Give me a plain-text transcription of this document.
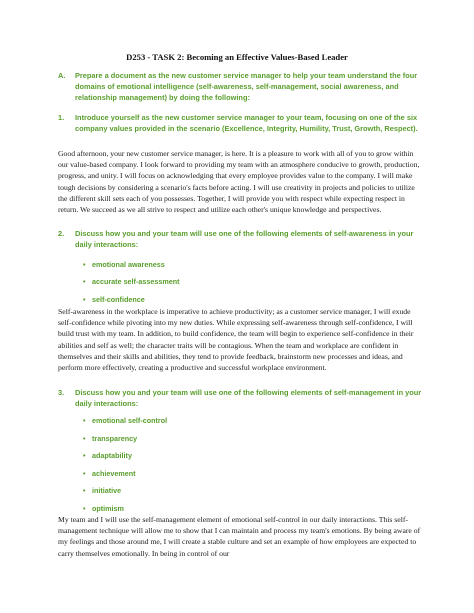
D253 - TASK 2: Becoming an Effective Values-Based Leader
A.	Prepare a document as the new customer service manager to help your team understand the four domains of emotional intelligence (self-awareness, self-management, social awareness, and relationship management) by doing the following:
1.	Introduce yourself as the new customer service manager to your team, focusing on one of the six company values provided in the scenario (Excellence, Integrity, Humility, Trust, Growth, Respect).
Good afternoon, your new customer service manager, is here. It is a pleasure to work with all of you to grow within our value-based company. I look forward to providing my team with an atmosphere conducive to growth, production, progress, and unity. I will focus on acknowledging that every employee provides value to the company. I will make tough decisions by considering a scenario's facts before acting. I will use creativity in projects and policies to utilize the different skill sets each of you possesses. Together, I will provide you with respect while expecting respect in return. We succeed as we all strive to respect and utilize each other's unique knowledge and perspectives.
2.	Discuss how you and your team will use one of the following elements of self-awareness in your daily interactions:
• emotional awareness
• accurate self-assessment
• self-confidence
Self-awareness in the workplace is imperative to achieve productivity; as a customer service manager, I will exude self-confidence while pivoting into my new duties. While expressing self-awareness through self-confidence, I will build trust with my team. In addition, to build confidence, the team will begin to experience self-confidence in their abilities and self as well; the character traits will be contagious. When the team and workplace are confident in themselves and their skills and abilities, they tend to provide feedback, brainstorm new processes and ideas, and perform more effectively, creating a productive and successful workplace environment.
3.	Discuss how you and your team will use one of the following elements of self-management in your daily interactions:
• emotional self-control
• transparency
• adaptability
• achievement
• initiative
• optimism
My team and I will use the self-management element of emotional self-control in our daily interactions. This self-management technique will allow me to show that I can maintain and process my team's emotions. By being aware of my feelings and those around me, I will create a stable culture and set an example of how employees are expected to carry themselves emotionally. In being in control of our
